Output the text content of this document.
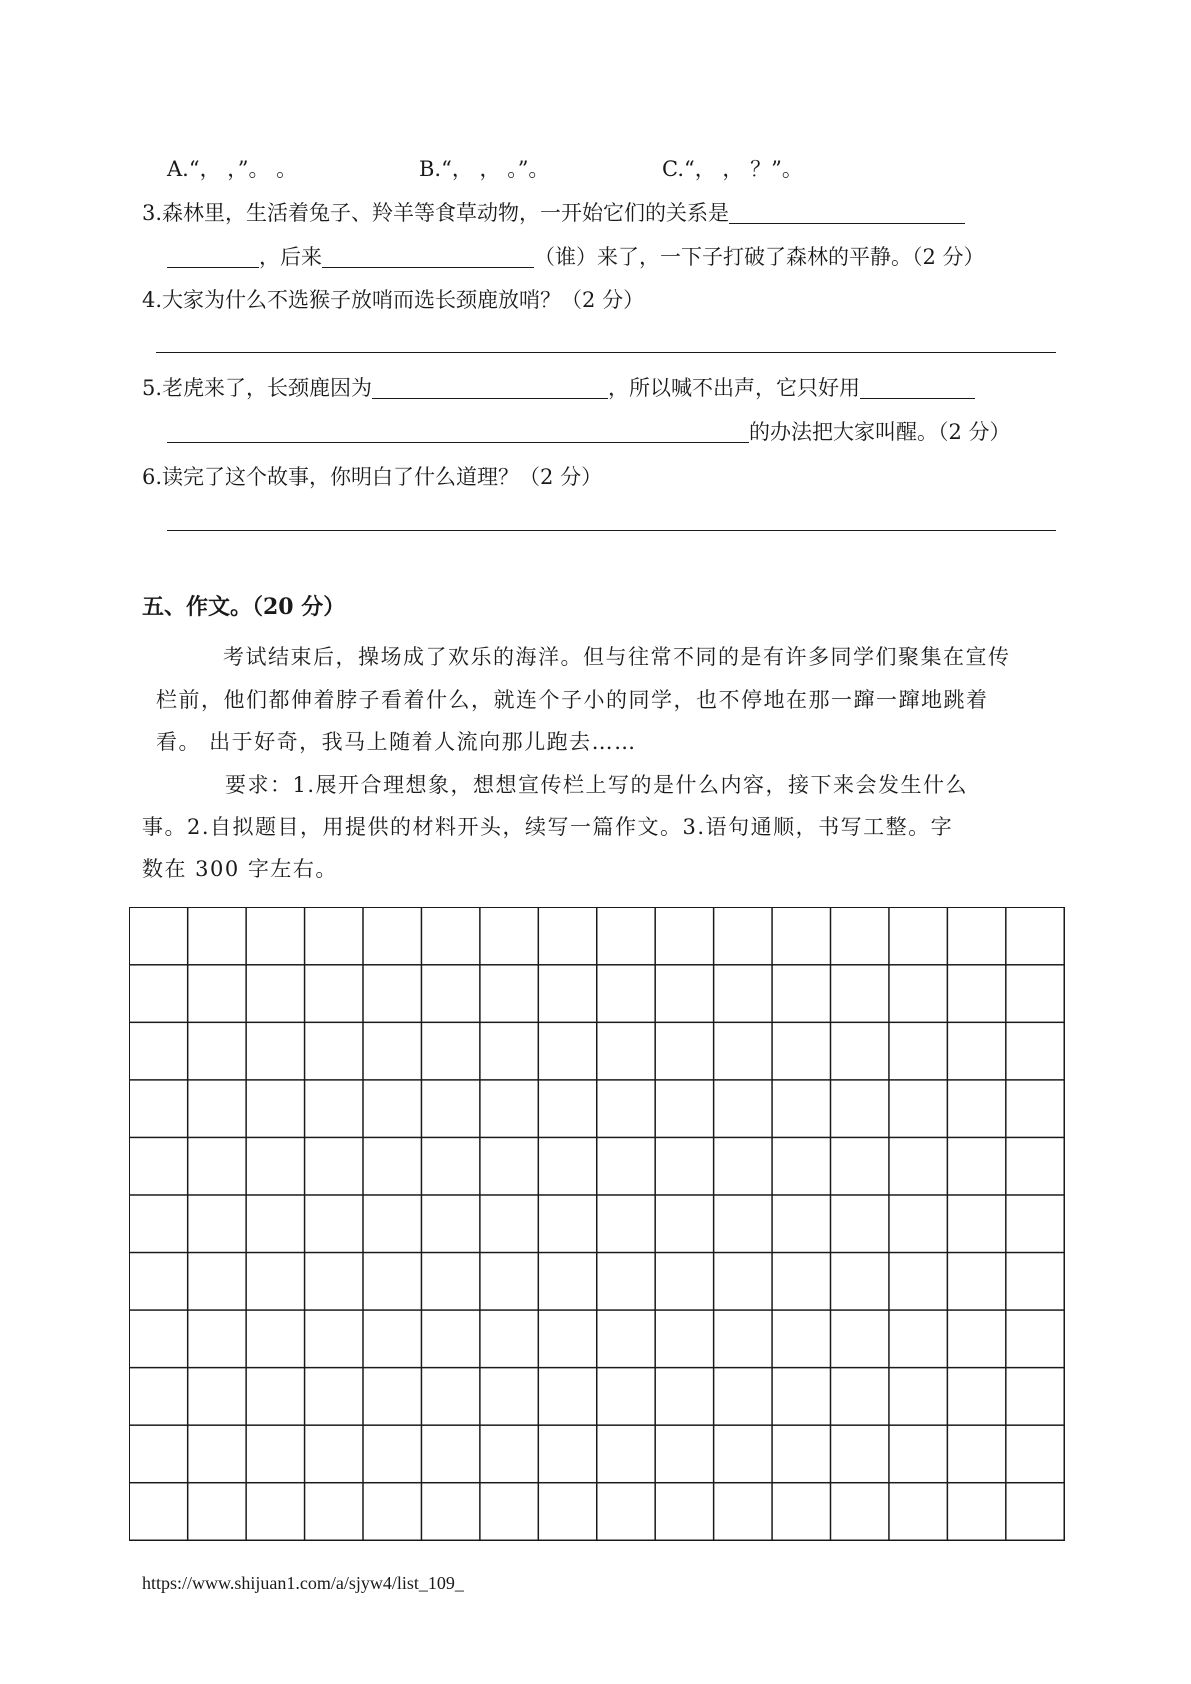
A.“， ，”。 。	B.“， ， 。”。	C.“， ， ？”。
3.森林里，生活着兔子、羚羊等食草动物，一开始它们的关系是
，后来	（谁）来了，一下子打破了森林的平静。（2 分）
4.大家为什么不选猴子放哨而选长颈鹿放哨？（2 分）
5.老虎来了，长颈鹿因为	，所以喊不出声，它只好用
的办法把大家叫醒。（2 分）
6.读完了这个故事，你明白了什么道理？（2 分）
五、作文。（20 分）
考试结束后，操场成了欢乐的海洋。但与往常不同的是有许多同学们聚集在宣传
栏前，他们都伸着脖子看着什么，就连个子小的同学，也不停地在那一蹿一蹿地跳着
看。 出于好奇，我马上随着人流向那儿跑去……
要求：1.展开合理想象，想想宣传栏上写的是什么内容，接下来会发生什么
事。2.自拟题目，用提供的材料开头，续写一篇作文。3.语句通顺，书写工整。字
数在 300 字左右。
https://www.shijuan1.com/a/sjyw4/list_109_
